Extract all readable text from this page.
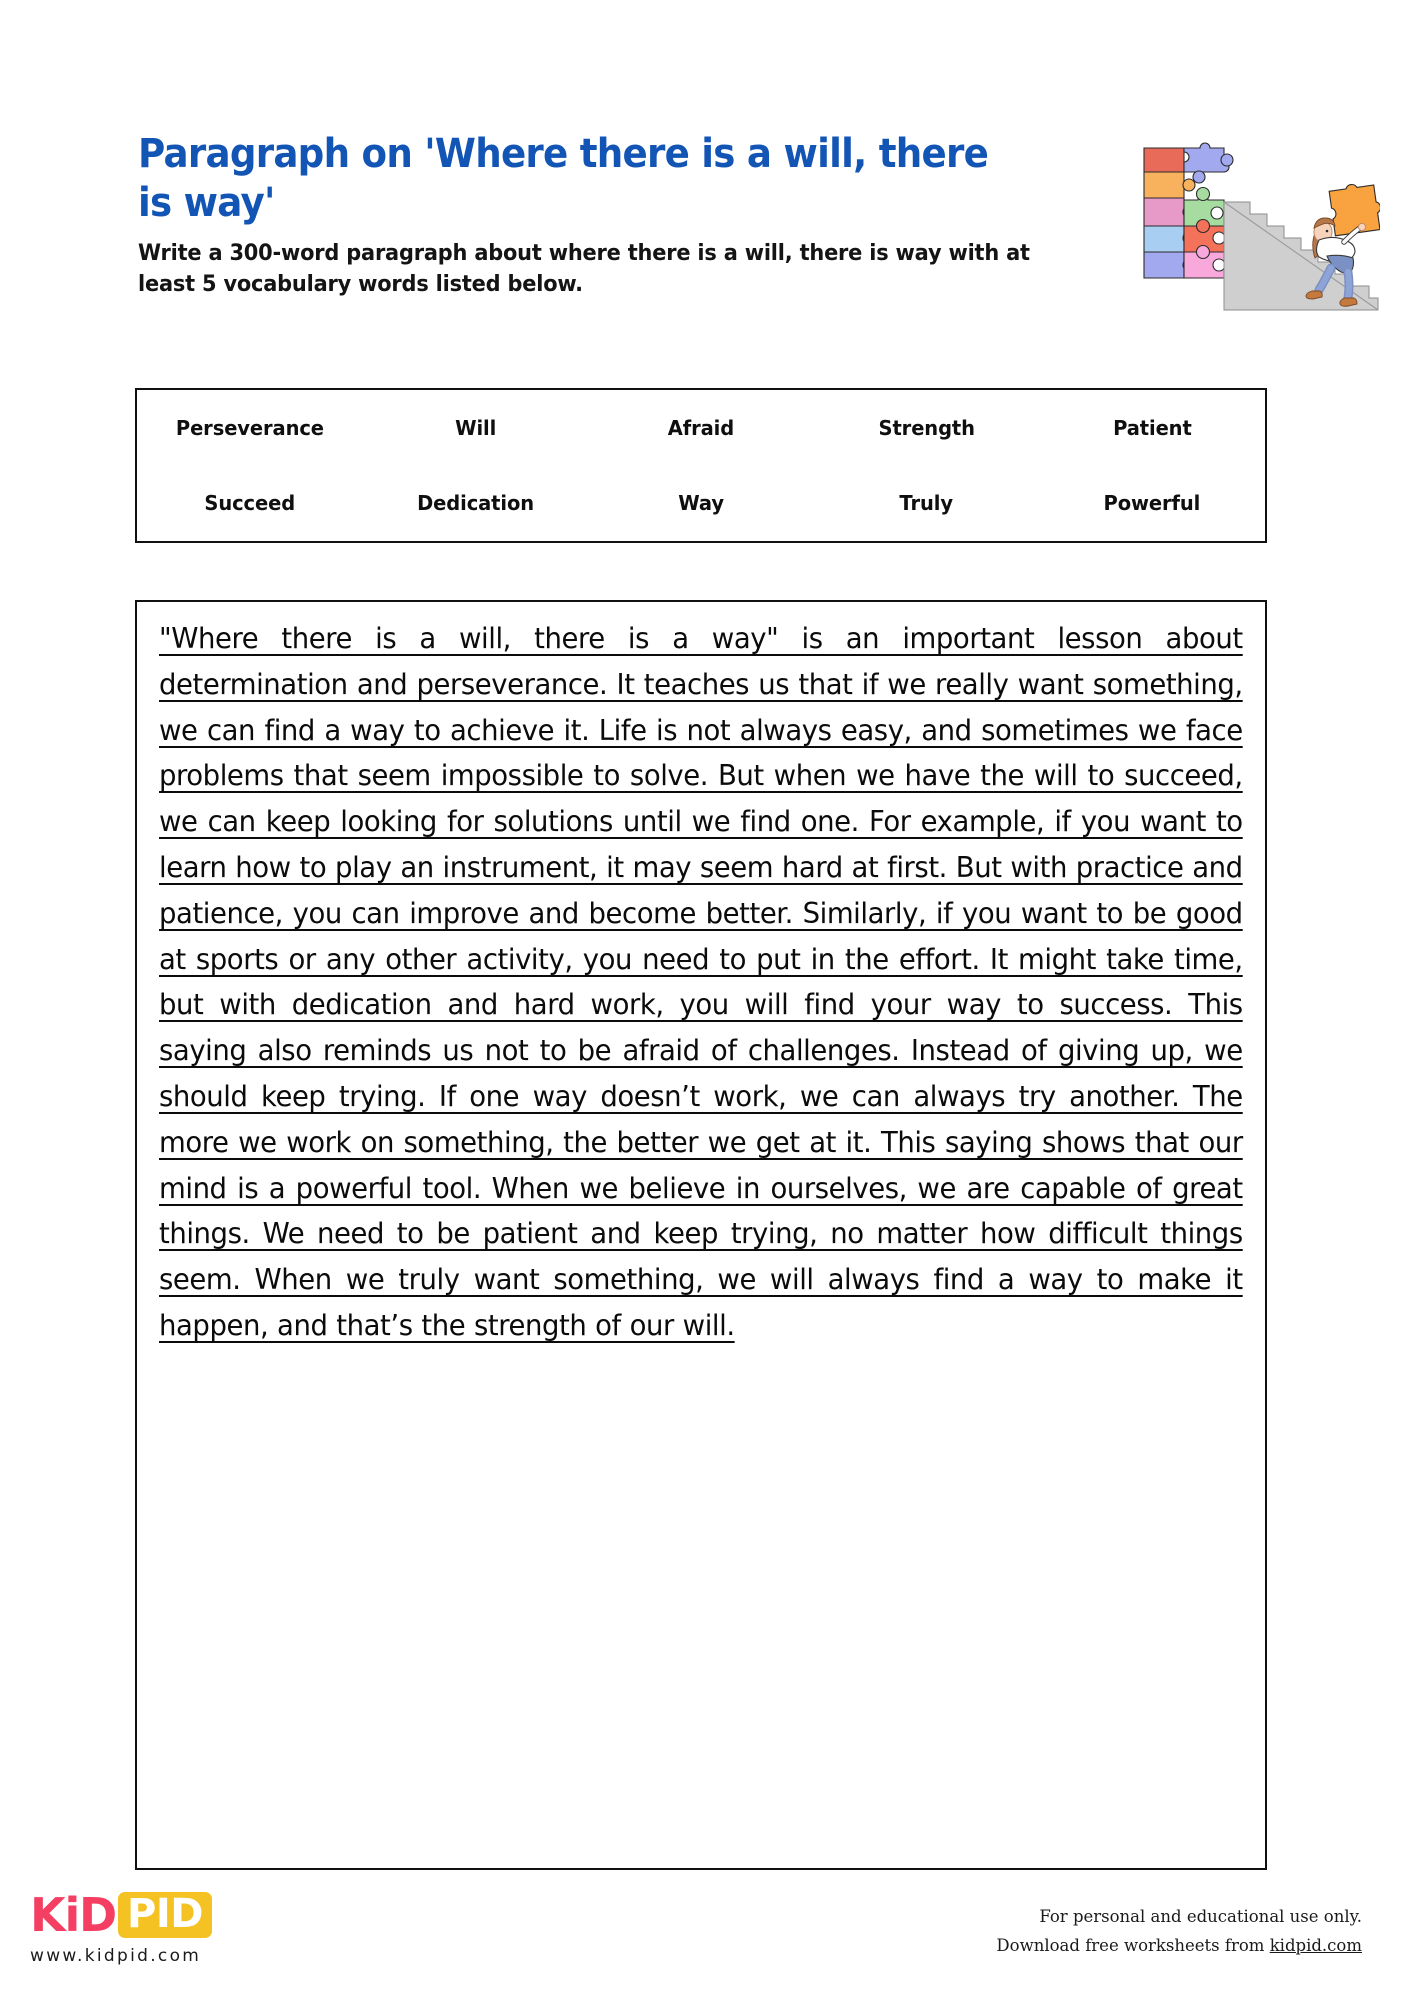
Paragraph on 'Where there is a will, there is way'

Write a 300-word paragraph about where there is a will, there is way with at least 5 vocabulary words listed below.

Perseverance	Will	Afraid	Strength	Patient
Succeed	Dedication	Way	Truly	Powerful

"Where there is a will, there is a way" is an important lesson about determination and perseverance. It teaches us that if we really want something, we can find a way to achieve it. Life is not always easy, and sometimes we face problems that seem impossible to solve. But when we have the will to succeed, we can keep looking for solutions until we find one. For example, if you want to learn how to play an instrument, it may seem hard at first. But with practice and patience, you can improve and become better. Similarly, if you want to be good at sports or any other activity, you need to put in the effort. It might take time, but with dedication and hard work, you will find your way to success. This saying also reminds us not to be afraid of challenges. Instead of giving up, we should keep trying. If one way doesn’t work, we can always try another. The more we work on something, the better we get at it. This saying shows that our mind is a powerful tool. When we believe in ourselves, we are capable of great things. We need to be patient and keep trying, no matter how difficult things seem. When we truly want something, we will always find a way to make it happen, and that’s the strength of our will.

KiD PID
www.kidpid.com
For personal and educational use only.
Download free worksheets from kidpid.com
